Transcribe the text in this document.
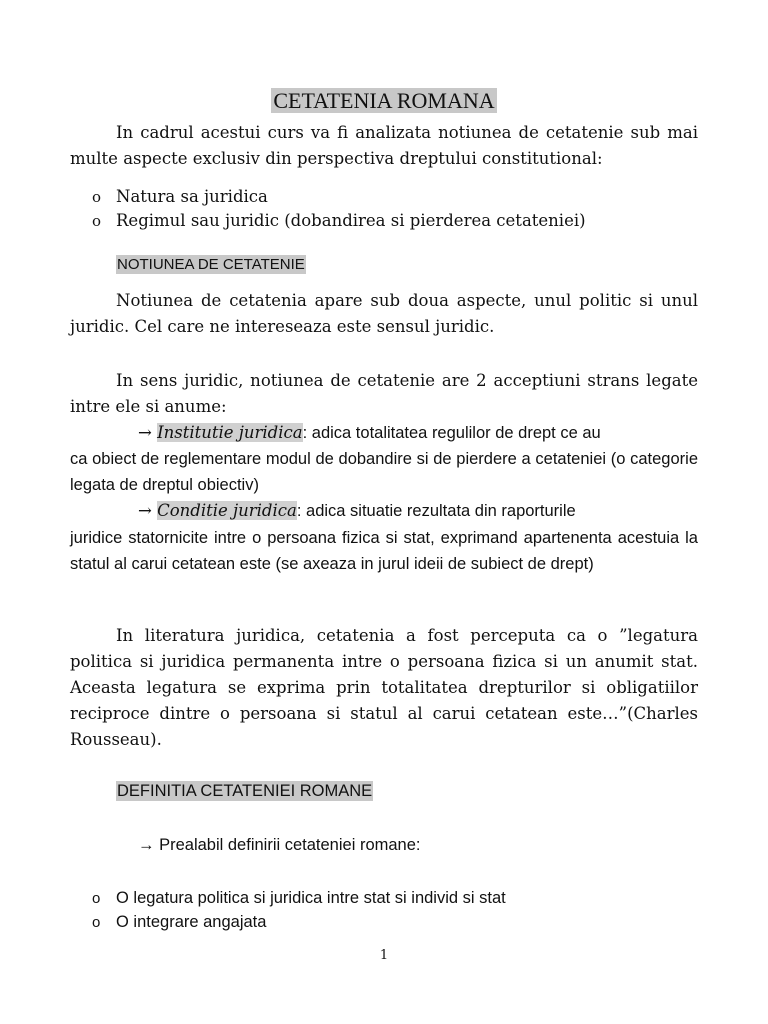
CETATENIA ROMANA
In cadrul acestui curs va fi analizata notiunea de cetatenie sub mai multe aspecte exclusiv din perspectiva dreptului constitutional:
o Natura sa juridica
o Regimul sau juridic (dobandirea si pierderea cetateniei)
NOTIUNEA DE CETATENIE
Notiunea de cetatenia apare sub doua aspecte, unul politic si unul juridic. Cel care ne intereseaza este sensul juridic.
In sens juridic, notiunea de cetatenie are 2 acceptiuni strans legate intre ele si anume:
→ Institutie juridica: adica totalitatea regulilor de drept ce au
ca obiect de reglementare modul de dobandire si de pierdere a cetateniei (o categorie legata de dreptul obiectiv)
→ Conditie juridica: adica situatie rezultata din raporturile
juridice statornicite intre o persoana fizica si stat, exprimand apartenenta acestuia la statul al carui cetatean este (se axeaza in jurul ideii de subiect de drept)
In literatura juridica, cetatenia a fost perceputa ca o ”legatura politica si juridica permanenta intre o persoana fizica si un anumit stat. Aceasta legatura se exprima prin totalitatea drepturilor si obligatiilor reciproce dintre o persoana si statul al carui cetatean este…”(Charles Rousseau).
DEFINITIA CETATENIEI ROMANE
→ Prealabil definirii cetateniei romane:
o O legatura politica si juridica intre stat si individ si stat
o O integrare angajata
1
